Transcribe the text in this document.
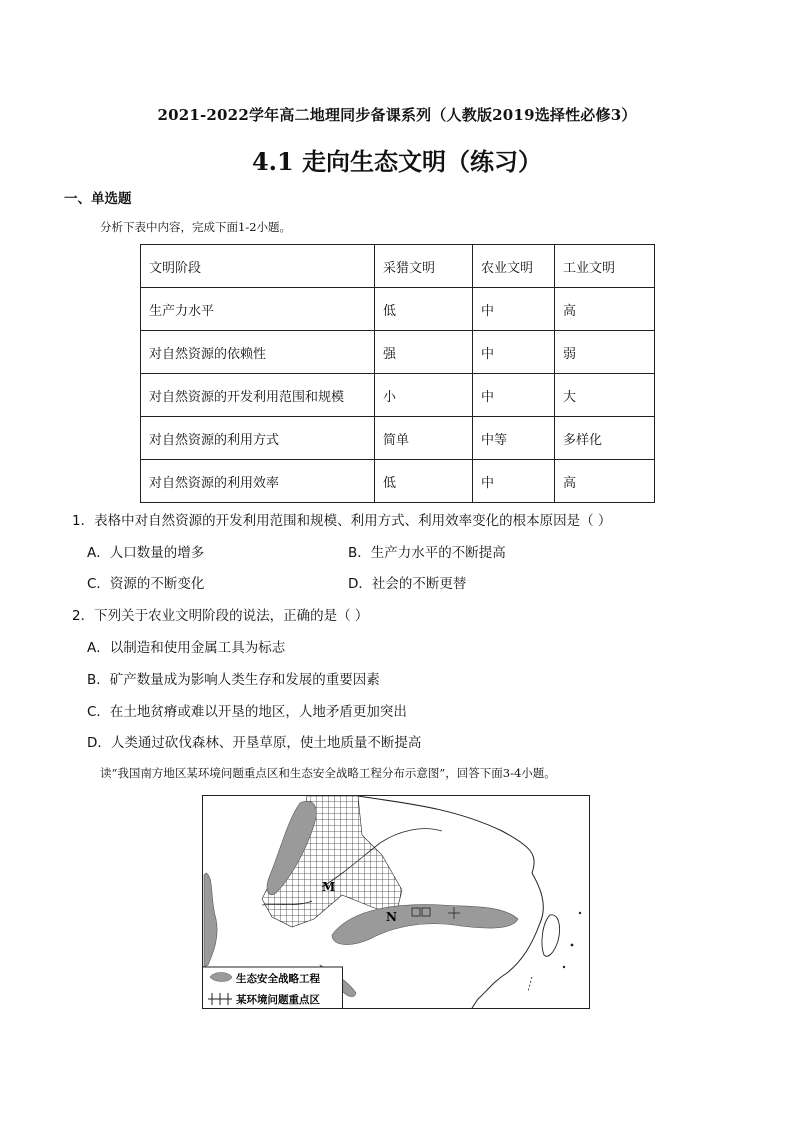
2021-2022学年高二地理同步备课系列（人教版2019选择性必修3）
4.1 走向生态文明（练习）
一、单选题
分析下表中内容，完成下面1-2小题。
文明阶段	采猎文明	农业文明	工业文明
生产力水平	低	中	高
对自然资源的依赖性	强	中	弱
对自然资源的开发利用范围和规模	小	中	大
对自然资源的利用方式	简单	中等	多样化
对自然资源的利用效率	低	中	高
1．表格中对自然资源的开发利用范围和规模、利用方式、利用效率变化的根本原因是（ ）
A．人口数量的增多	B．生产力水平的不断提高
C．资源的不断变化	D．社会的不断更替
2．下列关于农业文明阶段的说法，正确的是（ ）
A．以制造和使用金属工具为标志
B．矿产数量成为影响人类生存和发展的重要因素
C．在土地贫瘠或难以开垦的地区，人地矛盾更加突出
D．人类通过砍伐森林、开垦草原，使土地质量不断提高
读“我国南方地区某环境问题重点区和生态安全战略工程分布示意图”，回答下面3-4小题。
M
N
生态安全战略工程
某环境问题重点区
